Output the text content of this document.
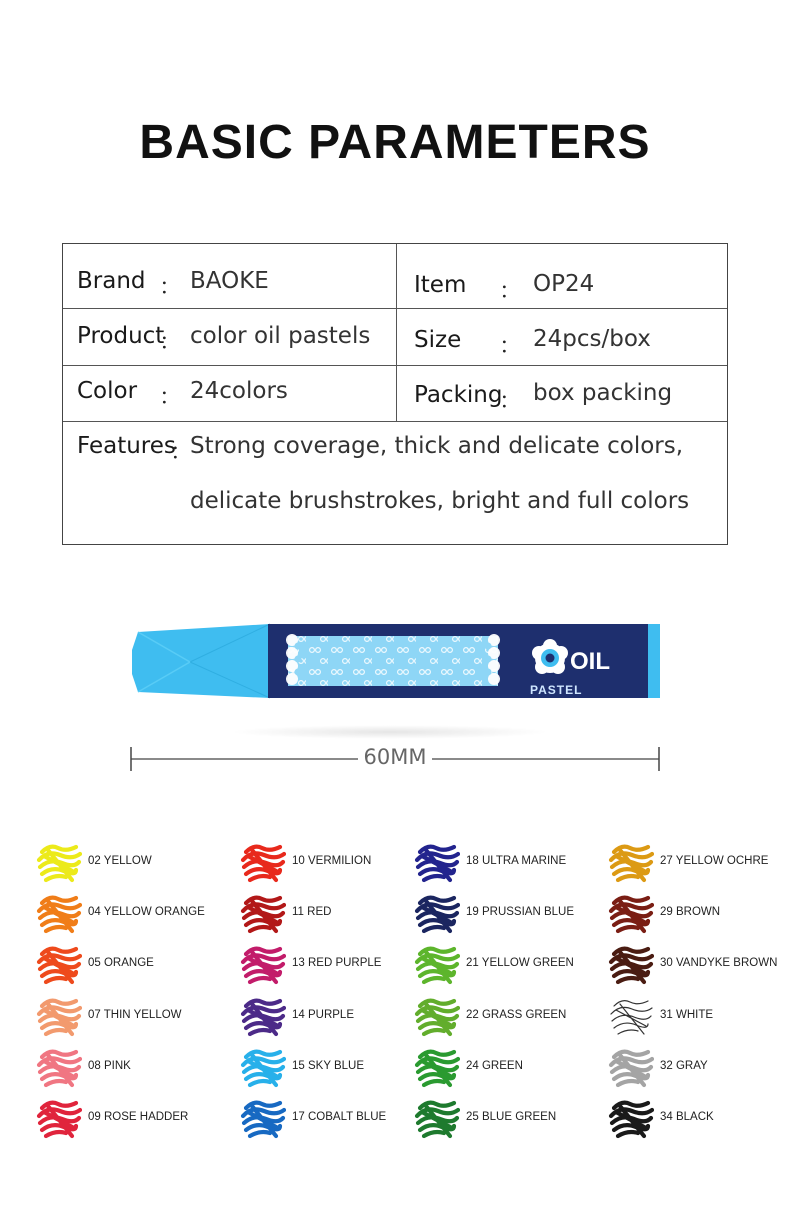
BASIC PARAMETERS
Brand ： BAOKE	Item ： OP24
Product
： color oil pastels Size ： 24pcs/box
Color ： 24colors	Packing
： box packing
Features
：
Strong coverage, thick and delicate colors,
delicate brushstrokes, bright and full colors
OIL
PASTEL
60MM
02 YELLOW
04 YELLOW ORANGE
05 ORANGE
07 THIN YELLOW
08 PINK
09 ROSE HADDER
10 VERMILION
11 RED
13 RED PURPLE
14 PURPLE
15 SKY BLUE
17 COBALT BLUE
18 ULTRA MARINE
19 PRUSSIAN BLUE
21 YELLOW GREEN
22 GRASS GREEN
24 GREEN
25 BLUE GREEN
27 YELLOW OCHRE
29 BROWN
30 VANDYKE BROWN
31 WHITE
32 GRAY
34 BLACK
